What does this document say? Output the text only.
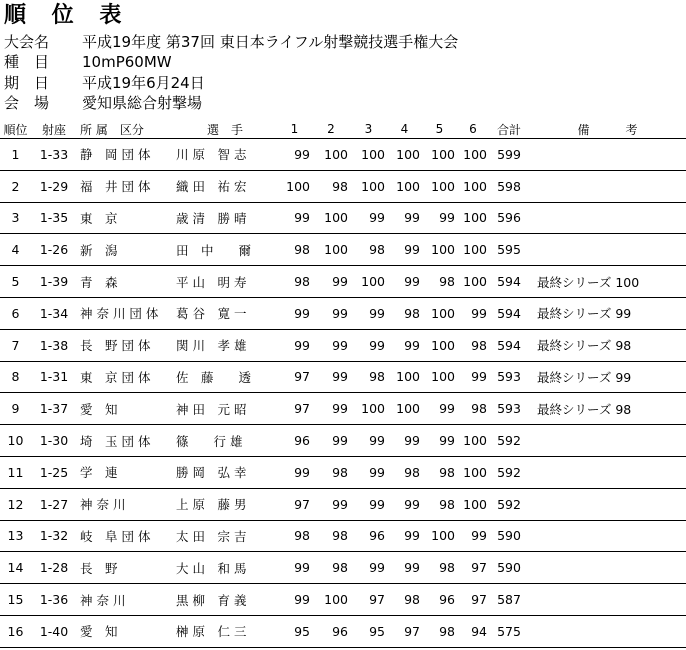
順 位 表
大会名	平成19年度 第37回 東日本ライフル射撃競技選手権大会
種　目	10mP60MW
期　日	平成19年6月24日
会　場	愛知県総合射撃場
順位	射座	所 属　区分	選　手	1	2	3	4	5	6	合計	備　　　考
1	1-33	静　岡 団 体	川 原　智 志	99	100	100	100	100	100	599	
2	1-29	福　井 団 体	織 田　祐 宏	100	98	100	100	100	100	598	
3	1-35	東　京	歳 清　勝 晴	99	100	99	99	99	100	596	
4	1-26	新　潟	田　中　　爾	98	100	98	99	100	100	595	
5	1-39	青　森	平 山　明 寿	98	99	100	99	98	100	594	最終シリーズ 100
6	1-34	神 奈 川 団 体	葛 谷　寛 一	99	99	99	98	100	99	594	最終シリーズ 99
7	1-38	長　野 団 体	関 川　孝 雄	99	99	99	99	100	98	594	最終シリーズ 98
8	1-31	東　京 団 体	佐　藤　　透	97	99	98	100	100	99	593	最終シリーズ 99
9	1-37	愛　知	神 田　元 昭	97	99	100	100	99	98	593	最終シリーズ 98
10	1-30	埼　玉 団 体	篠　　行 雄	96	99	99	99	99	100	592	
11	1-25	学　連	勝 岡　弘 幸	99	98	99	98	98	100	592	
12	1-27	神 奈 川	上 原　藤 男	97	99	99	99	98	100	592	
13	1-32	岐　阜 団 体	太 田　宗 吉	98	98	96	99	100	99	590	
14	1-28	長　野	大 山　和 馬	99	98	99	99	98	97	590	
15	1-36	神 奈 川	黒 柳　育 義	99	100	97	98	96	97	587	
16	1-40	愛　知	榊 原　仁 三	95	96	95	97	98	94	575	
